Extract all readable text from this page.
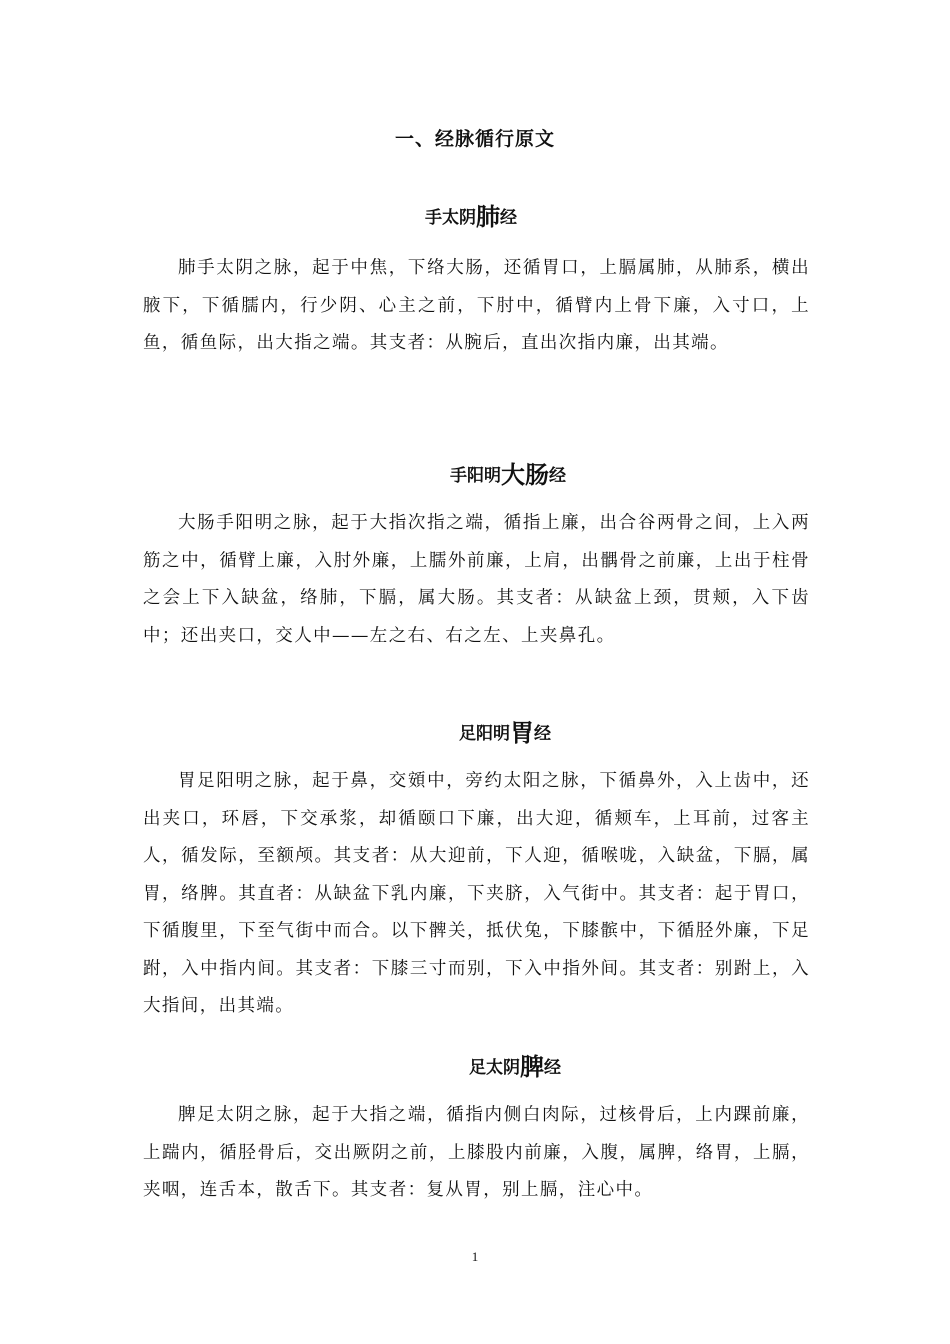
一、经脉循行原文
手太阴肺经

肺手太阴之脉，起于中焦，下络大肠，还循胃口，上膈属肺，从肺系，横出腋下，下循臑内，行少阴、心主之前，下肘中，循臂内上骨下廉，入寸口，上鱼，循鱼际，出大指之端。其支者：从腕后，直出次指内廉，出其端。

手阳明大肠经

大肠手阳明之脉，起于大指次指之端，循指上廉，出合谷两骨之间，上入两筋之中，循臂上廉，入肘外廉，上臑外前廉，上肩，出髃骨之前廉，上出于柱骨之会上下入缺盆，络肺，下膈，属大肠。其支者：从缺盆上颈，贯颊，入下齿中；还出夹口，交人中——左之右、右之左、上夹鼻孔。

足阳明胃经

胃足阳明之脉，起于鼻，交頞中，旁约太阳之脉，下循鼻外，入上齿中，还出夹口，环唇，下交承浆，却循颐口下廉，出大迎，循颊车，上耳前，过客主人，循发际，至额颅。其支者：从大迎前，下人迎，循喉咙，入缺盆，下膈，属胃，络脾。其直者：从缺盆下乳内廉，下夹脐，入气街中。其支者：起于胃口，下循腹里，下至气街中而合。以下髀关，抵伏兔，下膝髌中，下循胫外廉，下足跗，入中指内间。其支者：下膝三寸而别，下入中指外间。其支者：别跗上，入大指间，出其端。

足太阴脾经

脾足太阴之脉，起于大指之端，循指内侧白肉际，过核骨后，上内踝前廉，上踹内，循胫骨后，交出厥阴之前，上膝股内前廉，入腹，属脾，络胃，上膈，夹咽，连舌本，散舌下。其支者：复从胃，别上膈，注心中。

1
